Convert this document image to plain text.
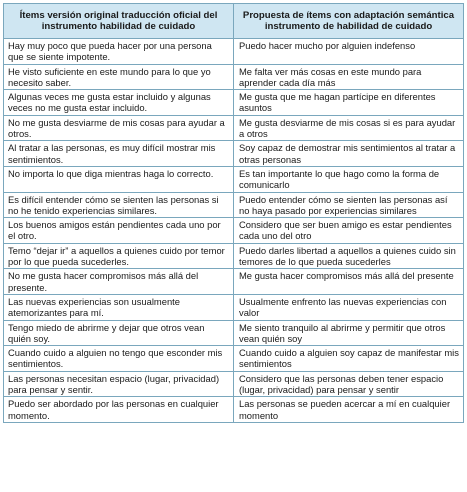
Ítems versión original traducción oficial del instrumento habilidad de cuidado	Propuesta de ítems con adaptación semántica instrumento de habilidad de cuidado
Hay muy poco que pueda hacer por una persona que se siente impotente.	Puedo hacer mucho por alguien indefenso
He visto suficiente en este mundo para lo que yo necesito saber.	Me falta ver más cosas en este mundo para aprender cada día más
Algunas veces me gusta estar incluido y algunas veces no me gusta estar incluido.	Me gusta que me hagan partícipe en diferentes asuntos
No me gusta desviarme de mis cosas para ayudar a otros.	Me gusta desviarme de mis cosas si es para ayudar a otros
Al tratar a las personas, es muy difícil mostrar mis sentimientos.	Soy capaz de demostrar mis sentimientos al tratar a otras personas
No importa lo que diga mientras haga lo correcto.	Es tan importante lo que hago como la forma de comunicarlo
Es difícil entender cómo se sienten las personas si no he tenido experiencias similares.	Puedo entender cómo se sienten las personas así no haya pasado por experiencias similares
Los buenos amigos están pendientes cada uno por el otro.	Considero que ser buen amigo es estar pendientes cada uno del otro
Temo “dejar ir” a aquellos a quienes cuido por temor por lo que pueda sucederles.	Puedo darles libertad a aquellos a quienes cuido sin temores de lo que pueda sucederles
No me gusta hacer compromisos más allá del presente.	Me gusta hacer compromisos más allá del presente
Las nuevas experiencias son usualmente atemorizantes para mí.	Usualmente enfrento las nuevas experiencias con valor
Tengo miedo de abrirme y dejar que otros vean quién soy.	Me siento tranquilo al abrirme y permitir que otros vean quién soy
Cuando cuido a alguien no tengo que esconder mis sentimientos.	Cuando cuido a alguien soy capaz de manifestar mis sentimientos
Las personas necesitan espacio (lugar, privacidad) para pensar y sentir.	Considero que las personas deben tener espacio (lugar, privacidad) para pensar y sentir
Puedo ser abordado por las personas en cualquier momento.	Las personas se pueden acercar a mí en cualquier momento
